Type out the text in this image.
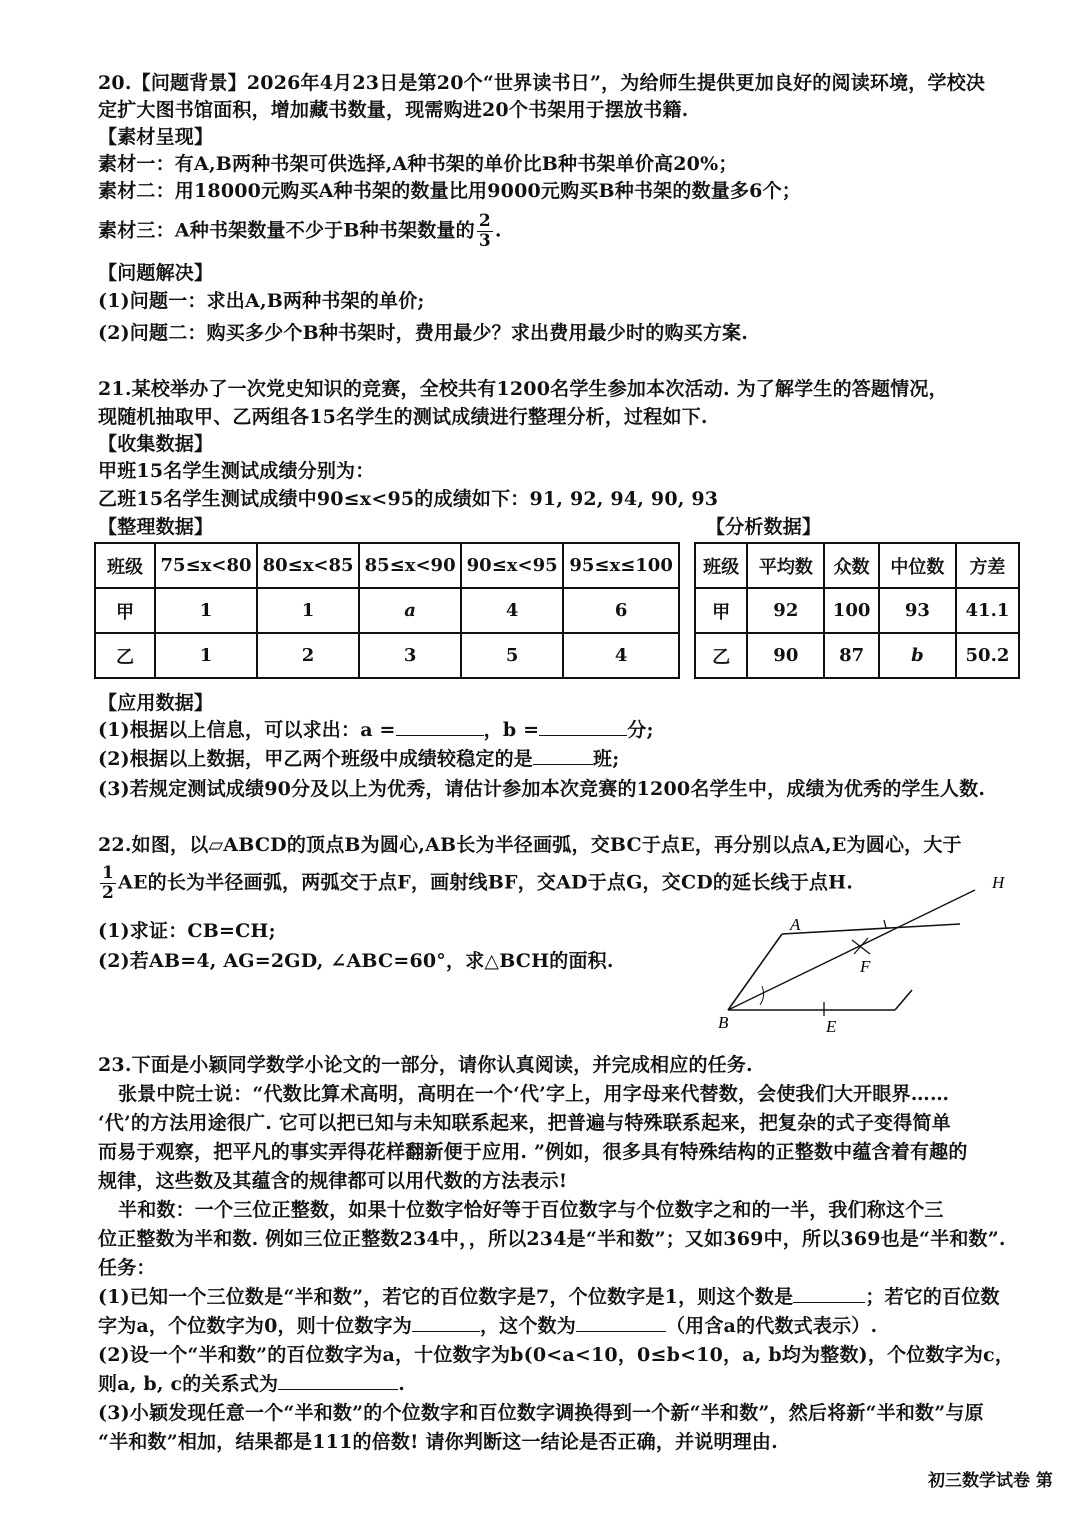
20.【问题背景】2026年4月23日是第20个“世界读书日”，为给师生提供更加良好的阅读环境，学校决
定扩大图书馆面积，增加藏书数量，现需购进20个书架用于摆放书籍.
【素材呈现】
素材一：有A,B两种书架可供选择,A种书架的单价比B种书架单价高20%；
素材二：用18000元购买A种书架的数量比用9000元购买B种书架的数量多6个；
素材三：A种书架数量不少于B种书架数量的 $\frac{2}{3}$ .
【问题解决】
(1)问题一：求出A,B两种书架的单价;
(2)问题二：购买多少个B种书架时，费用最少？求出费用最少时的购买方案.
21.某校举办了一次党史知识的竞赛，全校共有1200名学生参加本次活动. 为了解学生的答题情况，
现随机抽取甲、乙两组各15名学生的测试成绩进行整理分析，过程如下.
【收集数据】
甲班15名学生测试成绩分别为：
乙班15名学生测试成绩中90≤x<95的成绩如下：91, 92, 94, 90, 93
【整理数据】	【分析数据】
班级	75≤x<80	80≤x<85	85≤x<90	90≤x<95	95≤x≤100
甲	1	1	a	4	6
乙	1	2	3	5	4
班级	平均数	众数	中位数	方差
甲	92	100	93	41.1
乙	90	87	b	50.2
【应用数据】
(1)根据以上信息，可以求出：a =	，b =	分;
(2)根据以上数据，甲乙两个班级中成绩较稳定的是	班;
(3)若规定测试成绩90分及以上为优秀，请估计参加本次竞赛的1200名学生中，成绩为优秀的学生人数.
22.如图，以▱ABCD的顶点B为圆心,AB长为半径画弧，交BC于点E，再分别以点A,E为圆心，大于
$\frac{1}{2}$ AE的长为半径画弧，两弧交于点F，画射线BF，交AD于点G，交CD的延长线于点H.
(1)求证：CB=CH;
(2)若AB=4, AG=2GD, ∠ABC=60°，求△BCH的面积.
A
B	E
F
H
23.下面是小颖同学数学小论文的一部分，请你认真阅读，并完成相应的任务.
张景中院士说：“代数比算术高明，高明在一个‘代’字上，用字母来代替数，会使我们大开眼界……
‘代’的方法用途很广. 它可以把已知与未知联系起来，把普遍与特殊联系起来，把复杂的式子变得简单
而易于观察，把平凡的事实弄得花样翻新便于应用. ”例如，很多具有特殊结构的正整数中蕴含着有趣的
规律，这些数及其蕴含的规律都可以用代数的方法表示!
半和数：一个三位正整数，如果十位数字恰好等于百位数字与个位数字之和的一半，我们称这个三
位正整数为半和数. 例如三位正整数234中，，所以234是“半和数”；又如369中，所以369也是“半和数”.
任务：
(1)已知一个三位数是“半和数”，若它的百位数字是7，个位数字是1，则这个数是	；若它的百位数
字为a，个位数字为0，则十位数字为	，这个数为	（用含a的代数式表示）.
(2)设一个“半和数”的百位数字为a，十位数字为b(0<a<10，0≤b<10，a, b均为整数)，个位数字为c，
则a, b, c的关系式为	.
(3)小颖发现任意一个“半和数”的个位数字和百位数字调换得到一个新“半和数”，然后将新“半和数”与原
“半和数”相加，结果都是111的倍数! 请你判断这一结论是否正确，并说明理由.
初三数学试卷 第
